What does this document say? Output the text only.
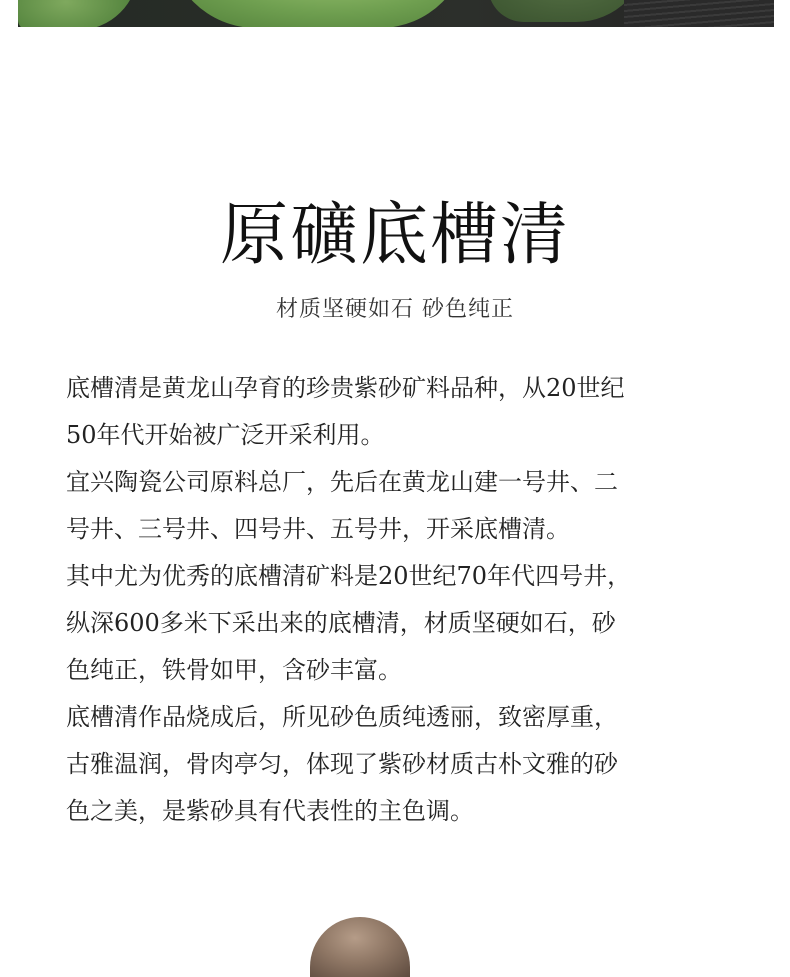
原礦底槽清
材质坚硬如石 砂色纯正
底槽清是黄龙山孕育的珍贵紫砂矿料品种，从20世纪
50年代开始被广泛开采利用。
宜兴陶瓷公司原料总厂，先后在黄龙山建一号井、二
号井、三号井、四号井、五号井，开采底槽清。
其中尤为优秀的底槽清矿料是20世纪70年代四号井，
纵深600多米下采出来的底槽清，材质坚硬如石，砂
色纯正，铁骨如甲，含砂丰富。
底槽清作品烧成后，所见砂色质纯透丽，致密厚重，
古雅温润，骨肉亭匀，体现了紫砂材质古朴文雅的砂
色之美，是紫砂具有代表性的主色调。
